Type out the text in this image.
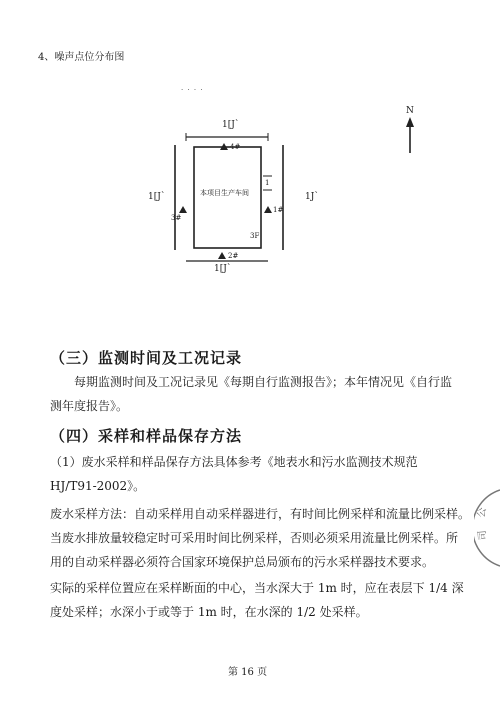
4、噪声点位分布图
· · · ·
1[J`
1[J`	1J`
1[J`
N
本项目生产车间
4#
3#
1#
2#
3F
1
（三）监测时间及工况记录
每期监测时间及工况记录见《每期自行监测报告》；本年情况见《自行监
测年度报告》。
（四）采样和样品保存方法
（1）废水采样和样品保存方法具体参考《地表水和污水监测技术规范
HJ/T91-2002》。
废水采样方法：自动采样用自动采样器进行，有时间比例采样和流量比例采样。
当废水排放量较稳定时可采用时间比例采样，否则必须采用流量比例采样。所
用的自动采样器必须符合国家环境保护总局颁布的污水采样器技术要求。
实际的采样位置应在采样断面的中心，当水深大于 1m 时，应在表层下 1/4 深
度处采样；水深小于或等于 1m 时，在水深的 1/2 处采样。
第 16 页
公
司
